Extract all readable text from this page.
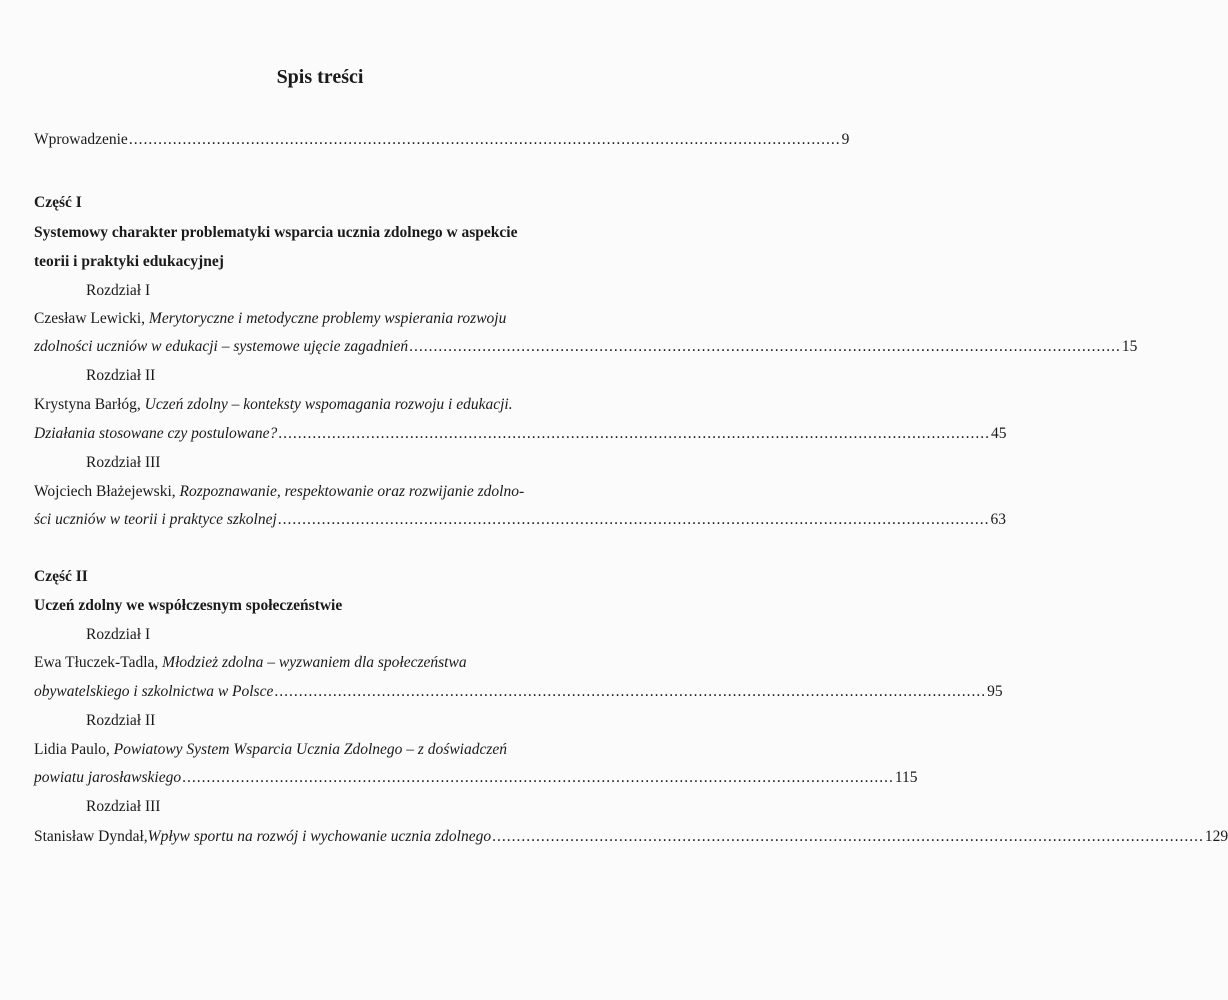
Spis treści
Wprowadzenie .................................................................................................................................................. 9
Część I
Systemowy charakter problematyki wsparcia ucznia zdolnego w aspekcie
teorii i praktyki edukacyjnej
Rozdział I
Czesław Lewicki, Merytoryczne i metodyczne problemy wspierania rozwoju
zdolności uczniów w edukacji – systemowe ujęcie zagadnień .................................................................................................................................................. 15
Rozdział II
Krystyna Barłóg, Uczeń zdolny – konteksty wspomagania rozwoju i edukacji.
Działania stosowane czy postulowane? .................................................................................................................................................. 45
Rozdział III
Wojciech Błażejewski, Rozpoznawanie, respektowanie oraz rozwijanie zdolno-
ści uczniów w teorii i praktyce szkolnej .................................................................................................................................................. 63
Część II
Uczeń zdolny we współczesnym społeczeństwie
Rozdział I
Ewa Tłuczek-Tadla, Młodzież zdolna – wyzwaniem dla społeczeństwa
obywatelskiego i szkolnictwa w Polsce .................................................................................................................................................. 95
Rozdział II
Lidia Paulo, Powiatowy System Wsparcia Ucznia Zdolnego – z doświadczeń
powiatu jarosławskiego .................................................................................................................................................. 115
Rozdział III
Stanisław Dyndał, Wpływ sportu na rozwój i wychowanie ucznia zdolnego .................................................................................................................................................. 129
